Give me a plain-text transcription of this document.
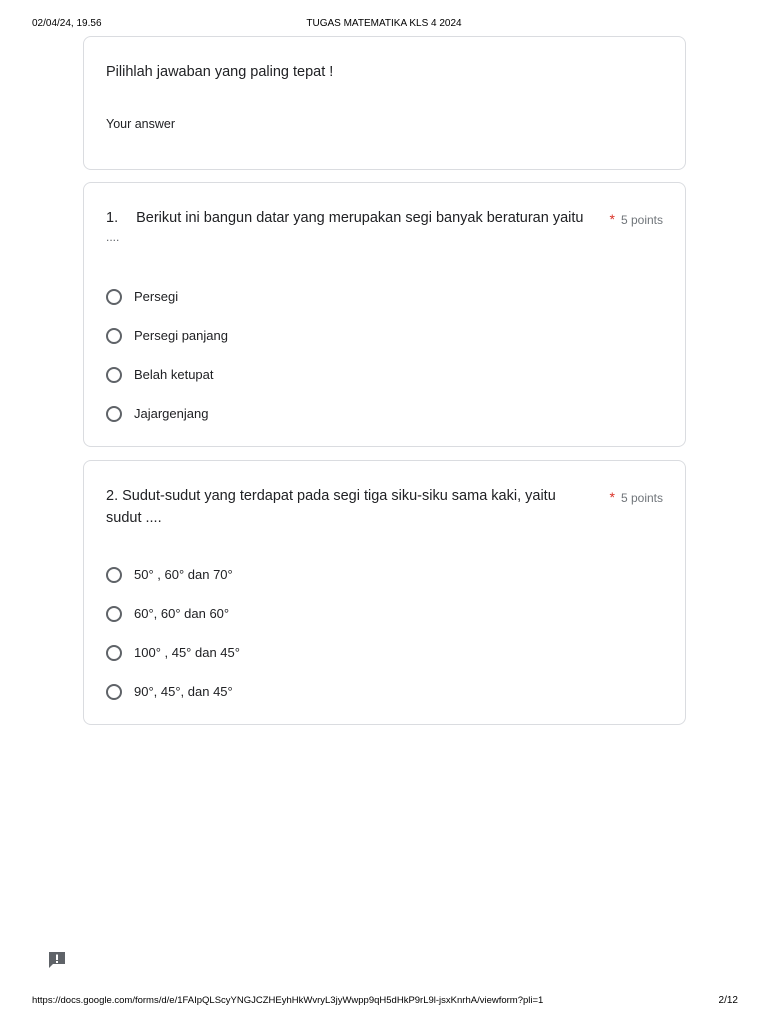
02/04/24, 19.56	TUGAS MATEMATIKA KLS 4 2024
Pilihlah jawaban yang paling tepat !
Your answer
1. Berikut ini bangun datar yang merupakan segi banyak beraturan yaitu
....
* 5 points
Persegi
Persegi panjang
Belah ketupat
Jajargenjang
2. Sudut-sudut yang terdapat pada segi tiga siku-siku sama kaki, yaitu sudut ....
* 5 points
50° , 60° dan 70°
60°, 60° dan 60°
100° , 45° dan 45°
90°, 45°, dan 45°
https://docs.google.com/forms/d/e/1FAIpQLScyYNGJCZHEyhHkWvryL3jyWwpp9qH5dHkP9rL9l-jsxKnrhA/viewform?pli=1	2/12
